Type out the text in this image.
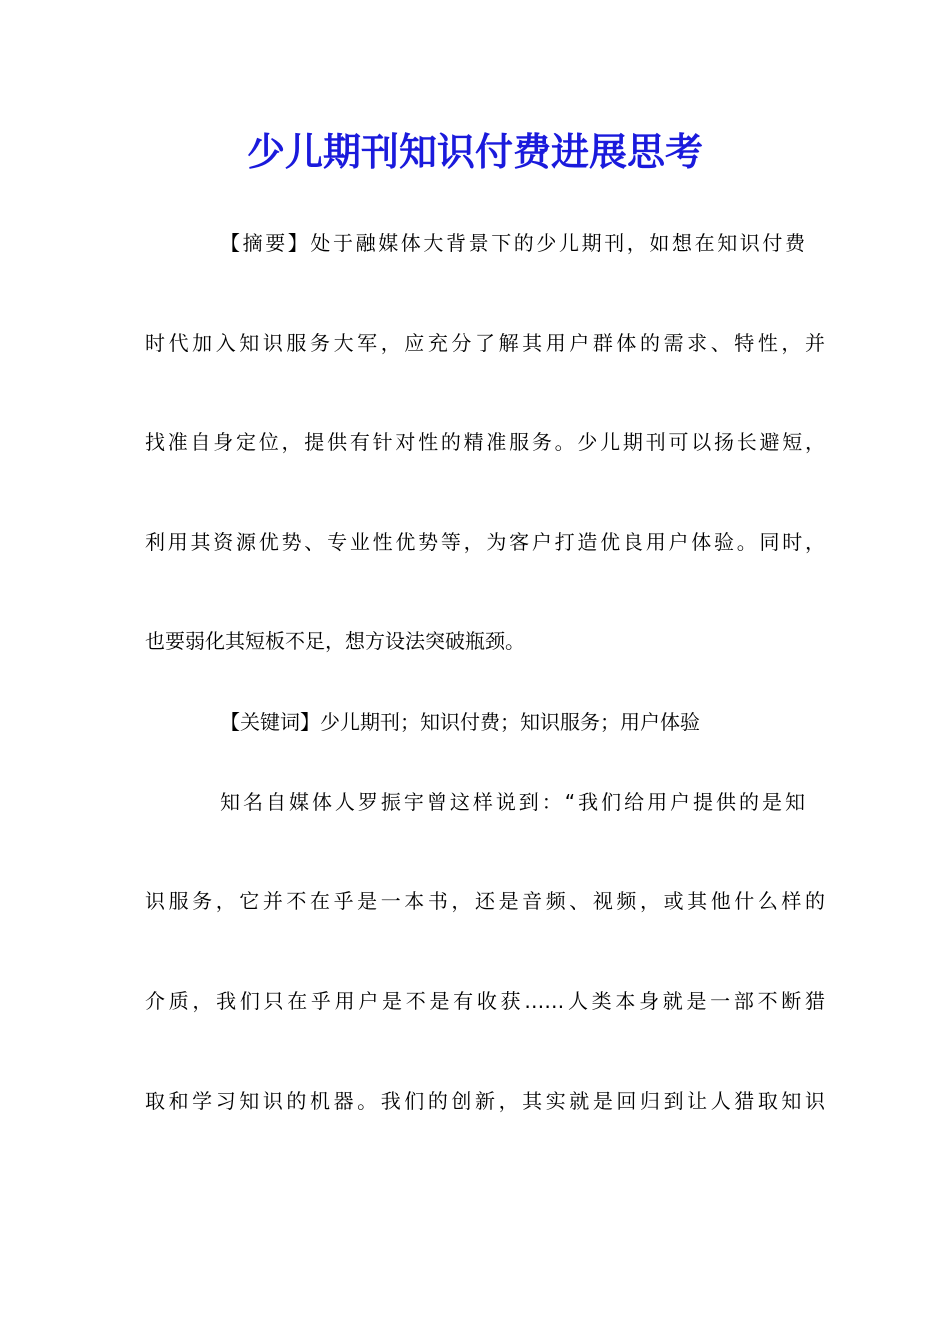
少儿期刊知识付费进展思考

【摘要】处于融媒体大背景下的少儿期刊，如想在知识付费

时代加入知识服务大军，应充分了解其用户群体的需求、特性，并

找准自身定位，提供有针对性的精准服务。少儿期刊可以扬长避短，

利用其资源优势、专业性优势等，为客户打造优良用户体验。同时，

也要弱化其短板不足，想方设法突破瓶颈。

【关键词】少儿期刊；知识付费；知识服务；用户体验

知名自媒体人罗振宇曾这样说到：“我们给用户提供的是知

识服务，它并不在乎是一本书，还是音频、视频，或其他什么样的

介质，我们只在乎用户是不是有收获……人类本身就是一部不断猎

取和学习知识的机器。我们的创新，其实就是回归到让人猎取知识
